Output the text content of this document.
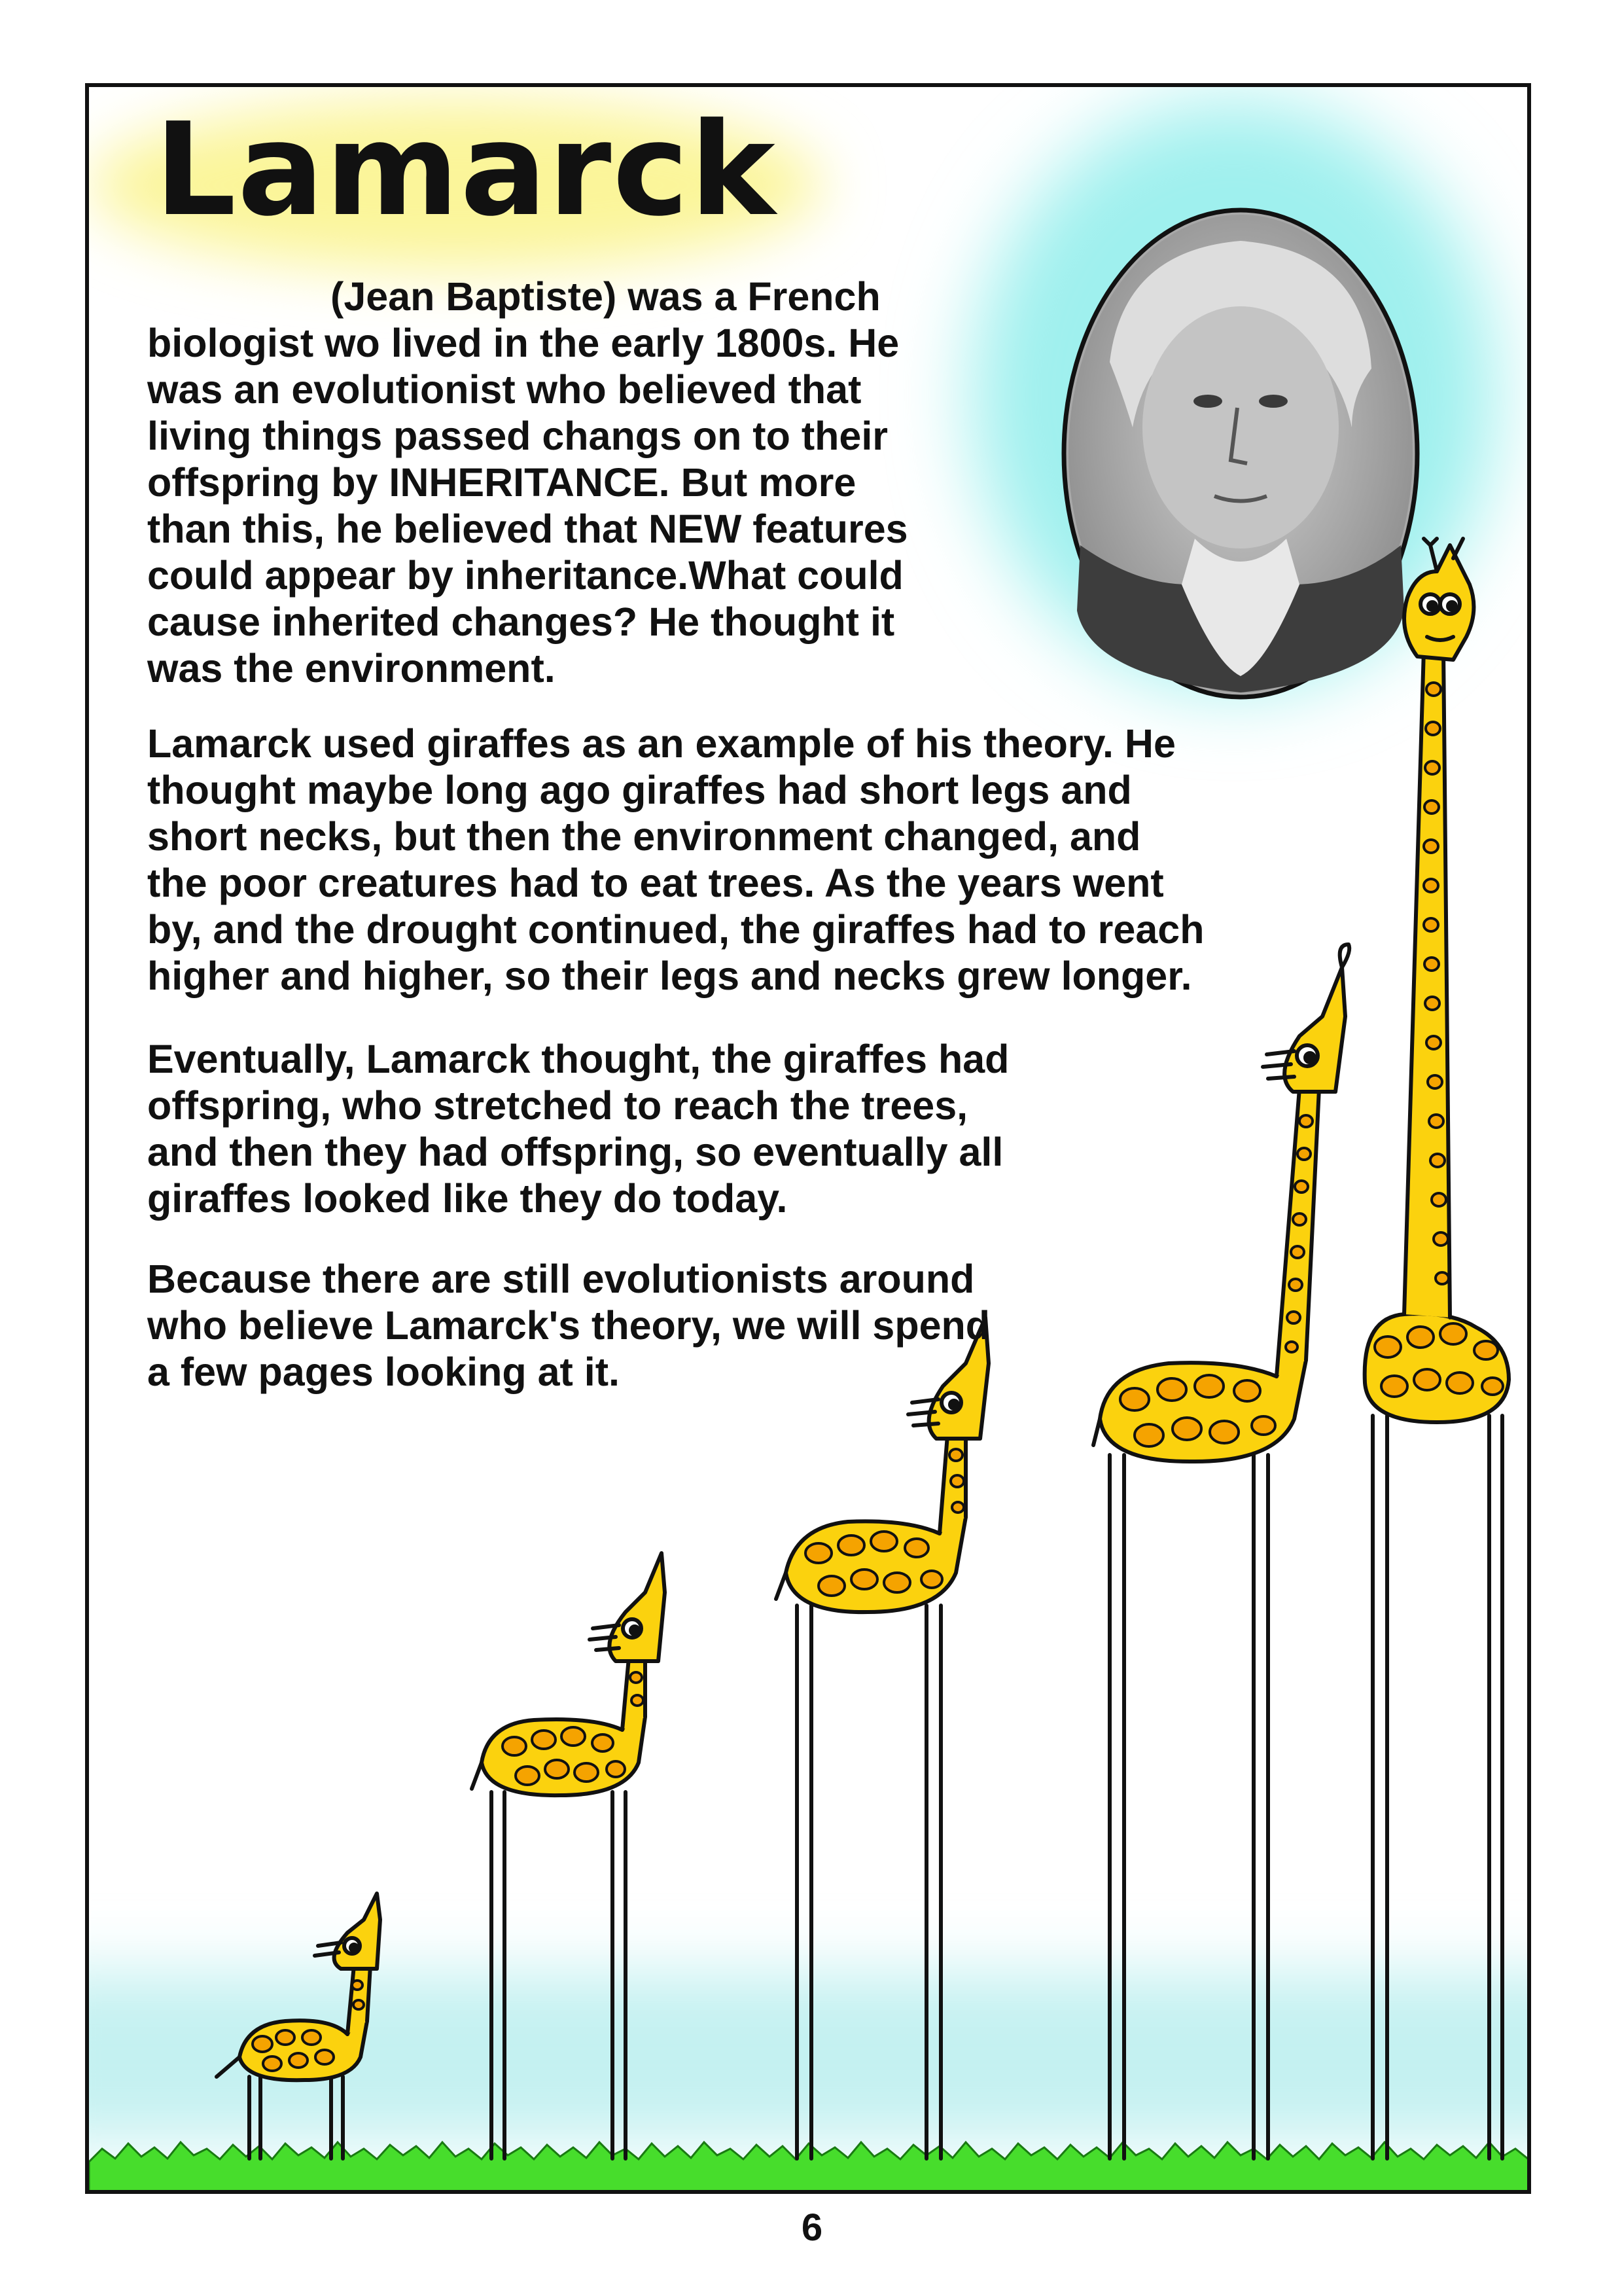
Lamarck

(Jean Baptiste) was a French
biologist wo lived in the early 1800s. He
was an evolutionist who believed that
living things passed changs on to their
offspring by INHERITANCE. But more
than this, he believed that NEW features
could appear by inheritance.What could
cause inherited changes? He thought it
was the environment.

Lamarck used giraffes as an example of his theory. He
thought maybe long ago giraffes had short legs and
short necks, but then the environment changed, and
the poor creatures had to eat trees. As the years went
by, and the drought continued, the giraffes had to reach
higher and higher, so their legs and necks grew longer.

Eventually, Lamarck thought, the giraffes had
offspring, who stretched to reach the trees,
and then they had offspring, so eventually all
giraffes looked like they do today.

Because there are still evolutionists around
who believe Lamarck's theory, we will spend
a few pages looking at it.

6
